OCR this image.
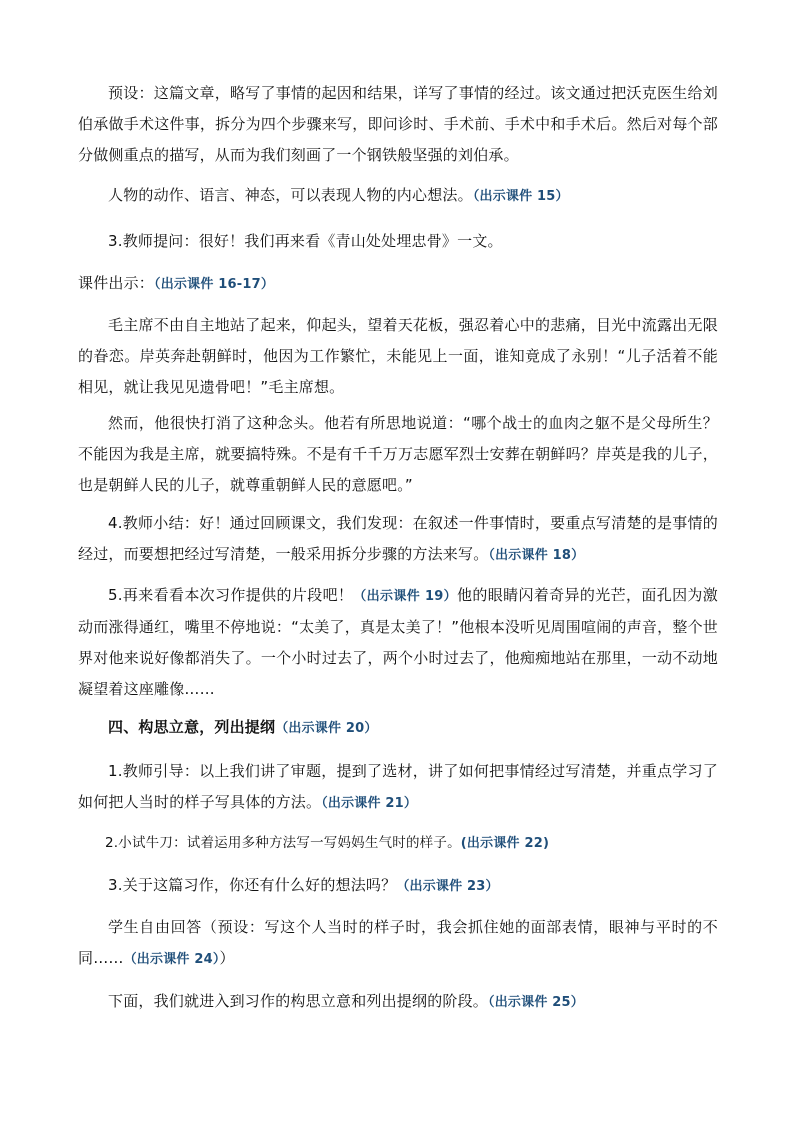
预设：这篇文章，略写了事情的起因和结果，详写了事情的经过。该文通过把沃克医生给刘伯承做手术这件事，拆分为四个步骤来写，即问诊时、手术前、手术中和手术后。然后对每个部分做侧重点的描写，从而为我们刻画了一个钢铁般坚强的刘伯承。

人物的动作、语言、神态，可以表现人物的内心想法。（出示课件 15）

3.教师提问：很好！我们再来看《青山处处埋忠骨》一文。

课件出示：（出示课件 16-17）

毛主席不由自主地站了起来，仰起头，望着天花板，强忍着心中的悲痛，目光中流露出无限的眷恋。岸英奔赴朝鲜时，他因为工作繁忙，未能见上一面，谁知竟成了永别！“儿子活着不能相见，就让我见见遗骨吧！”毛主席想。

然而，他很快打消了这种念头。他若有所思地说道：“哪个战士的血肉之躯不是父母所生？不能因为我是主席，就要搞特殊。不是有千千万万志愿军烈士安葬在朝鲜吗？岸英是我的儿子，也是朝鲜人民的儿子，就尊重朝鲜人民的意愿吧。”

4.教师小结：好！通过回顾课文，我们发现：在叙述一件事情时，要重点写清楚的是事情的经过，而要想把经过写清楚，一般采用拆分步骤的方法来写。（出示课件 18）

5.再来看看本次习作提供的片段吧！（出示课件 19）他的眼睛闪着奇异的光芒，面孔因为激动而涨得通红，嘴里不停地说：“太美了，真是太美了！”他根本没听见周围喧闹的声音，整个世界对他来说好像都消失了。一个小时过去了，两个小时过去了，他痴痴地站在那里，一动不动地凝望着这座雕像……

四、构思立意，列出提纲（出示课件 20）

1.教师引导：以上我们讲了审题，提到了选材，讲了如何把事情经过写清楚，并重点学习了如何把人当时的样子写具体的方法。（出示课件 21）

2.小试牛刀：试着运用多种方法写一写妈妈生气时的样子。(出示课件 22)

3.关于这篇习作，你还有什么好的想法吗？（出示课件 23）

学生自由回答（预设：写这个人当时的样子时，我会抓住她的面部表情，眼神与平时的不同……（出示课件 24））

下面，我们就进入到习作的构思立意和列出提纲的阶段。（出示课件 25）
